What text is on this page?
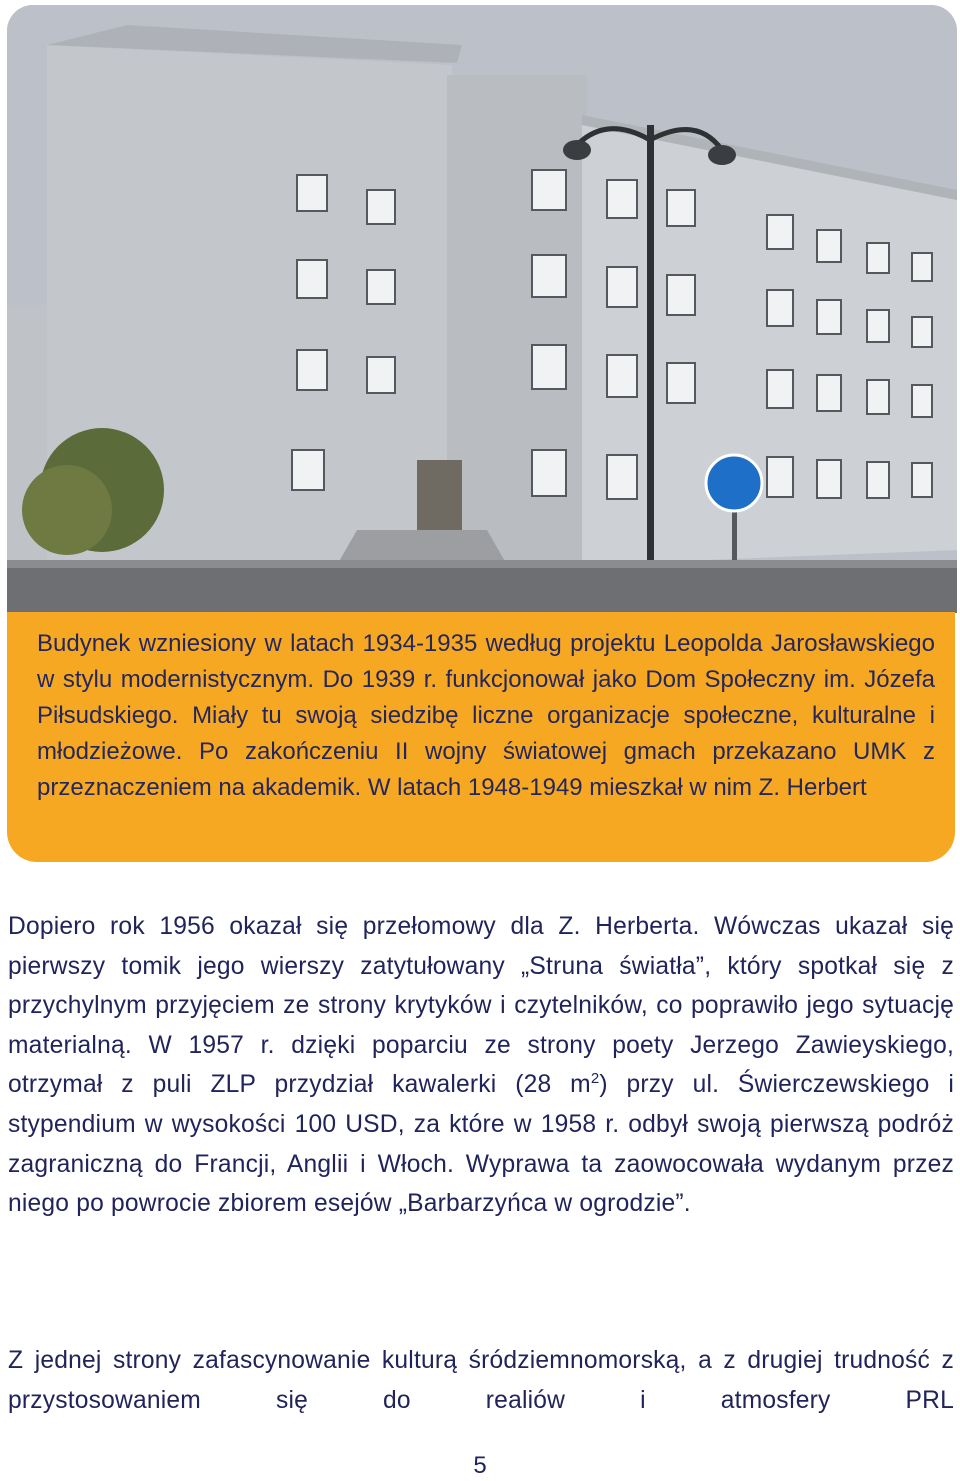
Budynek wzniesiony w latach 1934-1935 według projektu Leopolda Jarosławskiego w stylu modernistycznym. Do 1939 r. funkcjonował jako Dom Społeczny im. Józefa Piłsudskiego. Miały tu swoją siedzibę liczne organizacje społeczne, kulturalne i młodzieżowe. Po zakończeniu II wojny światowej gmach przekazano UMK z przeznaczeniem na akademik. W latach 1948-1949 mieszkał w nim Z. Herbert

Dopiero rok 1956 okazał się przełomowy dla Z. Herberta. Wówczas ukazał się pierwszy tomik jego wierszy zatytułowany „Struna światła”, który spotkał się z przychylnym przyjęciem ze strony krytyków i czytelników, co poprawiło jego sytuację materialną. W 1957 r. dzięki poparciu ze strony poety Jerzego Zawieyskiego, otrzymał z puli ZLP przydział kawalerki (28 $m^2$) przy ul. Świerczewskiego i stypendium w wysokości 100 USD, za które w 1958 r. odbył swoją pierwszą podróż zagraniczną do Francji, Anglii i Włoch. Wyprawa ta zaowocowała wydanym przez niego po powrocie zbiorem esejów „Barbarzyńca w ogrodzie”.

Z jednej strony zafascynowanie kulturą śródziemnomorską, a z drugiej trudność z przystosowaniem się do realiów i atmosfery PRL

5
